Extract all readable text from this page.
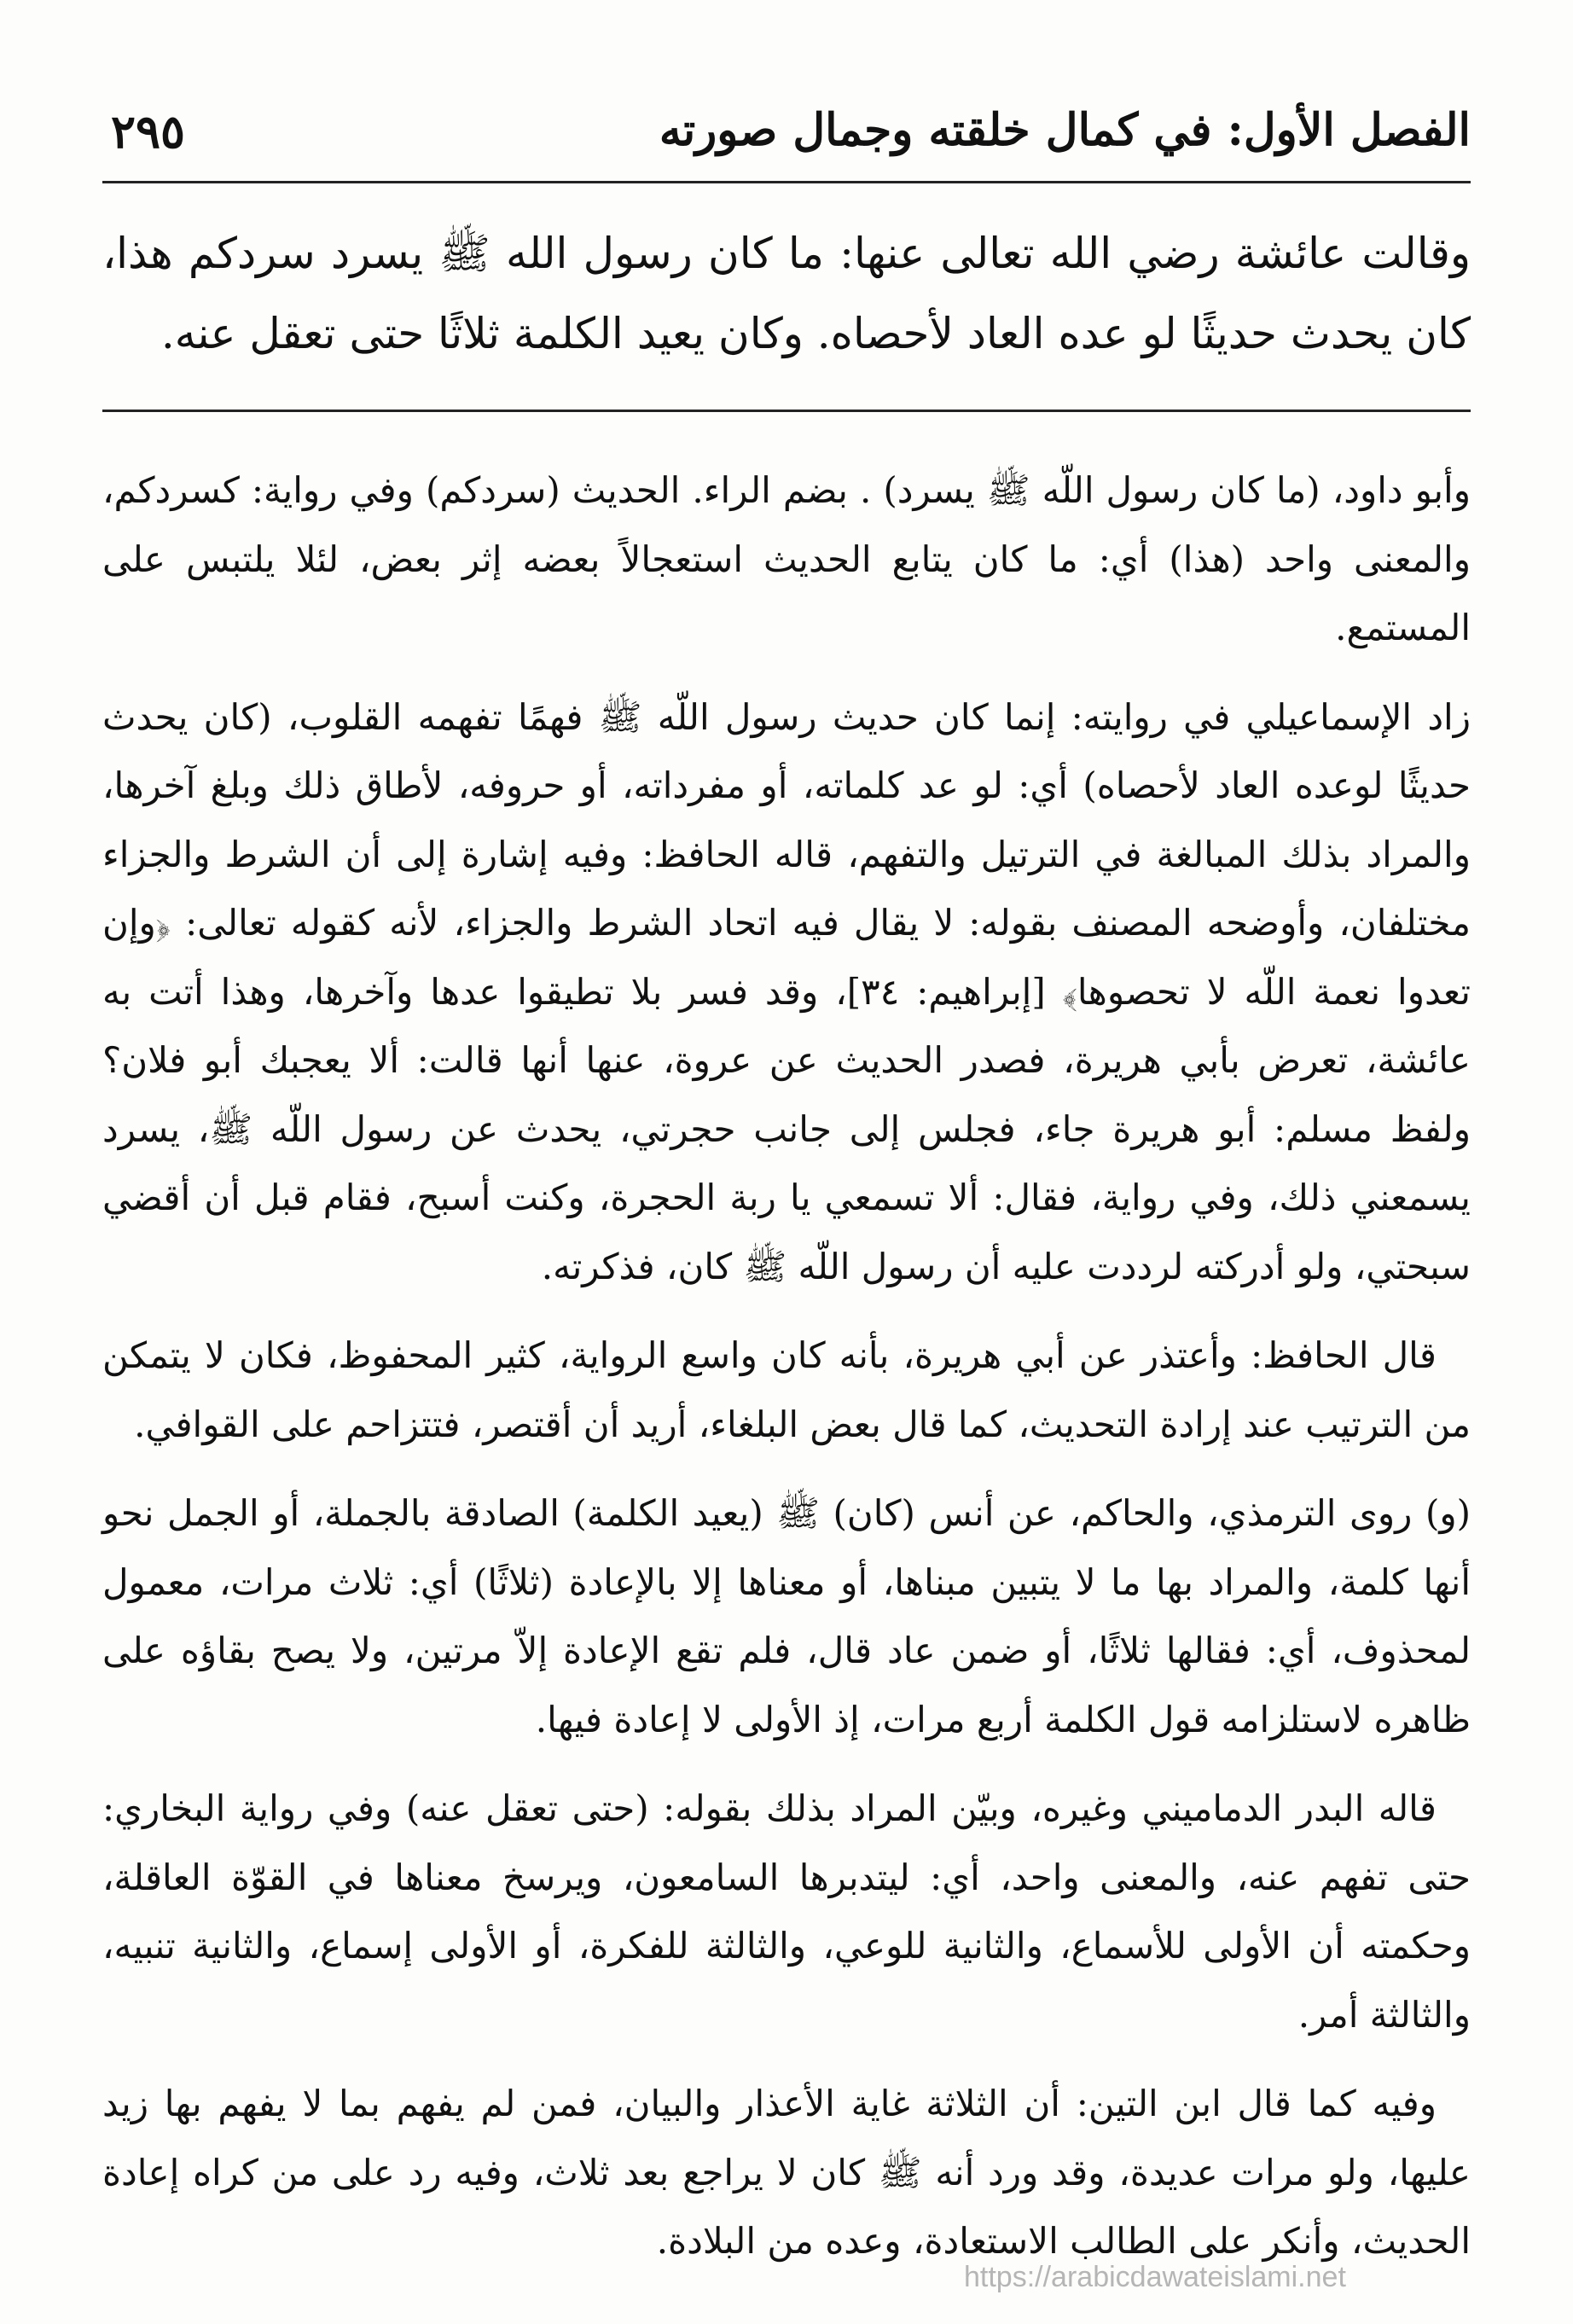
الفصل الأول: في كمال خلقته وجمال صورته
٢٩٥
وقالت عائشة رضي الله تعالى عنها: ما كان رسول الله ﷺ يسرد سردكم هذا، كان يحدث حديثًا لو عده العاد لأحصاه. وكان يعيد الكلمة ثلاثًا حتى تعقل عنه.

وأبو داود، (ما كان رسول اللّه ﷺ يسرد) . بضم الراء. الحديث (سردكم) وفي رواية: كسردكم، والمعنى واحد (هذا) أي: ما كان يتابع الحديث استعجالاً بعضه إثر بعض، لئلا يلتبس على المستمع.

زاد الإسماعيلي في روايته: إنما كان حديث رسول اللّه ﷺ فهمًا تفهمه القلوب، (كان يحدث حديثًا لوعده العاد لأحصاه) أي: لو عد كلماته، أو مفرداته، أو حروفه، لأطاق ذلك وبلغ آخرها، والمراد بذلك المبالغة في الترتيل والتفهم، قاله الحافظ: وفيه إشارة إلى أن الشرط والجزاء مختلفان، وأوضحه المصنف بقوله: لا يقال فيه اتحاد الشرط والجزاء، لأنه كقوله تعالى: ﴿وإن تعدوا نعمة اللّه لا تحصوها﴾ [إبراهيم: ٣٤]، وقد فسر بلا تطيقوا عدها وآخرها، وهذا أتت به عائشة، تعرض بأبي هريرة، فصدر الحديث عن عروة، عنها أنها قالت: ألا يعجبك أبو فلان؟ ولفظ مسلم: أبو هريرة جاء، فجلس إلى جانب حجرتي، يحدث عن رسول اللّه ﷺ، يسرد يسمعني ذلك، وفي رواية، فقال: ألا تسمعي يا ربة الحجرة، وكنت أسبح، فقام قبل أن أقضي سبحتي، ولو أدركته لرددت عليه أن رسول اللّه ﷺ كان، فذكرته.

قال الحافظ: وأعتذر عن أبي هريرة، بأنه كان واسع الرواية، كثير المحفوظ، فكان لا يتمكن من الترتيب عند إرادة التحديث، كما قال بعض البلغاء، أريد أن أقتصر، فتتزاحم على القوافي.

(و) روى الترمذي، والحاكم، عن أنس (كان) ﷺ (يعيد الكلمة) الصادقة بالجملة، أو الجمل نحو أنها كلمة، والمراد بها ما لا يتبين مبناها، أو معناها إلا بالإعادة (ثلاثًا) أي: ثلاث مرات، معمول لمحذوف، أي: فقالها ثلاثًا، أو ضمن عاد قال، فلم تقع الإعادة إلاّ مرتين، ولا يصح بقاؤه على ظاهره لاستلزامه قول الكلمة أربع مرات، إذ الأولى لا إعادة فيها.

قاله البدر الدماميني وغيره، وبيّن المراد بذلك بقوله: (حتى تعقل عنه) وفي رواية البخاري: حتى تفهم عنه، والمعنى واحد، أي: ليتدبرها السامعون، ويرسخ معناها في القوّة العاقلة، وحكمته أن الأولى للأسماع، والثانية للوعي، والثالثة للفكرة، أو الأولى إسماع، والثانية تنبيه، والثالثة أمر.

وفيه كما قال ابن التين: أن الثلاثة غاية الأعذار والبيان، فمن لم يفهم بما لا يفهم بها زيد عليها، ولو مرات عديدة، وقد ورد أنه ﷺ كان لا يراجع بعد ثلاث، وفيه رد على من كراه إعادة الحديث، وأنكر على الطالب الاستعادة، وعده من البلادة.

https://arabicdawateislami.net
